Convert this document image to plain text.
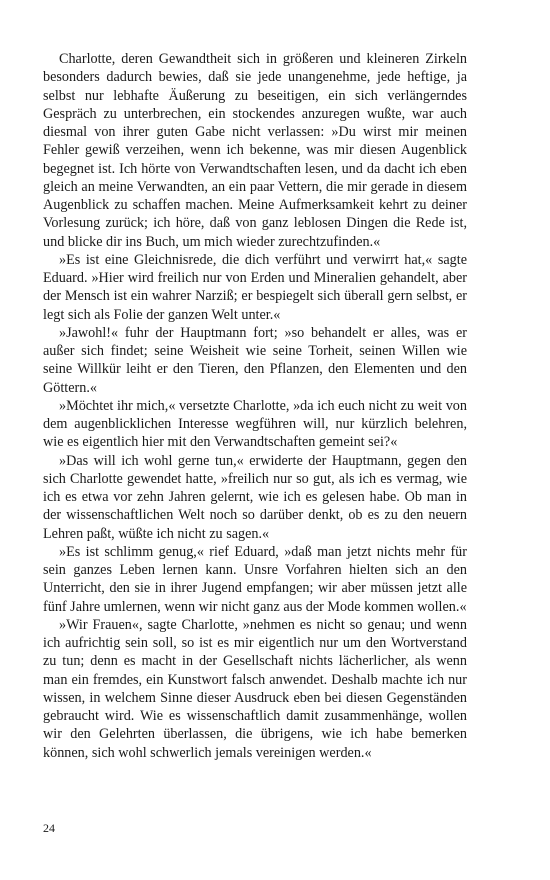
Charlotte, deren Gewandtheit sich in größeren und kleineren Zirkeln besonders dadurch bewies, daß sie jede unangenehme, jede heftige, ja selbst nur lebhafte Äußerung zu beseitigen, ein sich verlängerndes Gespräch zu unterbrechen, ein stockendes anzuregen wußte, war auch diesmal von ihrer guten Gabe nicht verlassen: »Du wirst mir meinen Fehler gewiß verzeihen, wenn ich bekenne, was mir diesen Augenblick begegnet ist. Ich hörte von Verwandtschaften lesen, und da dacht ich eben gleich an meine Verwandten, an ein paar Vettern, die mir gerade in diesem Augenblick zu schaffen machen. Meine Aufmerksamkeit kehrt zu deiner Vorlesung zurück; ich höre, daß von ganz leblosen Dingen die Rede ist, und blicke dir ins Buch, um mich wieder zurechtzufinden.«

»Es ist eine Gleichnisrede, die dich verführt und verwirrt hat,« sagte Eduard. »Hier wird freilich nur von Erden und Mineralien gehandelt, aber der Mensch ist ein wahrer Narziß; er bespiegelt sich überall gern selbst, er legt sich als Folie der ganzen Welt unter.«

»Jawohl!« fuhr der Hauptmann fort; »so behandelt er alles, was er außer sich findet; seine Weisheit wie seine Torheit, seinen Willen wie seine Willkür leiht er den Tieren, den Pflanzen, den Elementen und den Göttern.«

»Möchtet ihr mich,« versetzte Charlotte, »da ich euch nicht zu weit von dem augenblicklichen Interesse wegführen will, nur kürzlich belehren, wie es eigentlich hier mit den Verwandtschaften gemeint sei?«

»Das will ich wohl gerne tun,« erwiderte der Hauptmann, gegen den sich Charlotte gewendet hatte, »freilich nur so gut, als ich es vermag, wie ich es etwa vor zehn Jahren gelernt, wie ich es gelesen habe. Ob man in der wissenschaftlichen Welt noch so darüber denkt, ob es zu den neuern Lehren paßt, wüßte ich nicht zu sagen.«

»Es ist schlimm genug,« rief Eduard, »daß man jetzt nichts mehr für sein ganzes Leben lernen kann. Unsre Vorfahren hielten sich an den Unterricht, den sie in ihrer Jugend empfangen; wir aber müssen jetzt alle fünf Jahre umlernen, wenn wir nicht ganz aus der Mode kommen wollen.«

»Wir Frauen«, sagte Charlotte, »nehmen es nicht so genau; und wenn ich aufrichtig sein soll, so ist es mir eigentlich nur um den Wortverstand zu tun; denn es macht in der Gesellschaft nichts lächerlicher, als wenn man ein fremdes, ein Kunstwort falsch anwendet. Deshalb machte ich nur wissen, in welchem Sinne dieser Ausdruck eben bei diesen Gegenständen gebraucht wird. Wie es wissenschaftlich damit zusammenhänge, wollen wir den Gelehrten überlassen, die übrigens, wie ich habe bemerken können, sich wohl schwerlich jemals vereinigen werden.«

24
